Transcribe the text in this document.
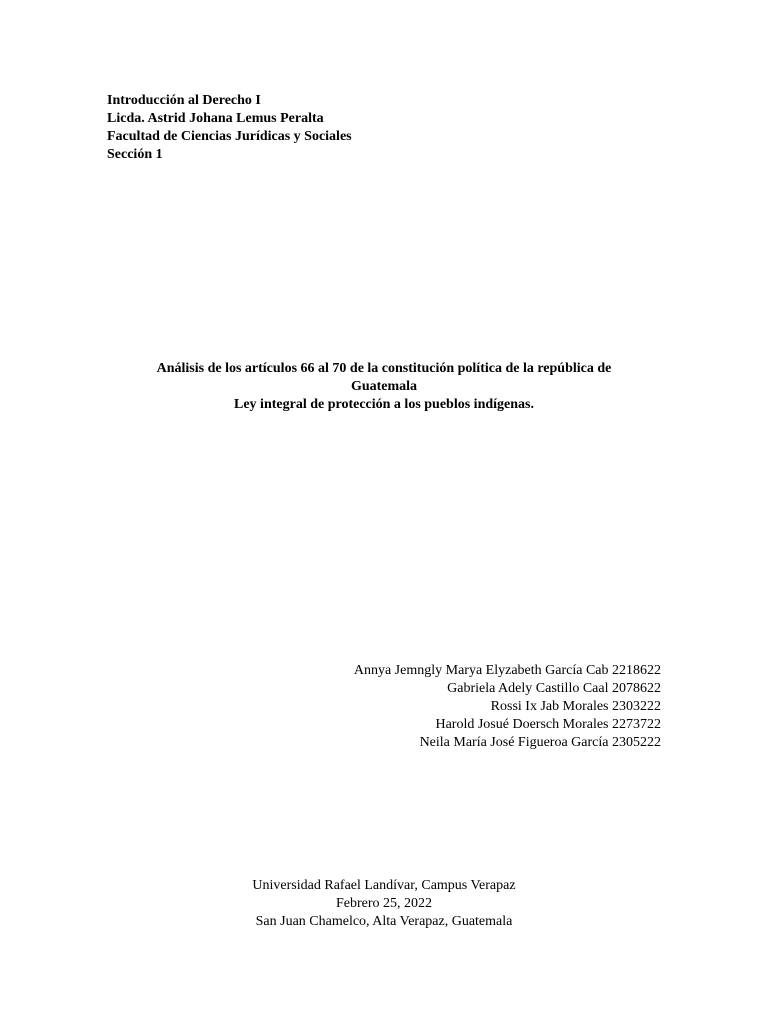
Introducción al Derecho I
Licda. Astrid Johana Lemus Peralta
Facultad de Ciencias Jurídicas y Sociales
Sección 1
Análisis de los artículos 66 al 70 de la constitución política de la república de
Guatemala
Ley integral de protección a los pueblos indígenas.
Annya Jemngly Marya Elyzabeth García Cab 2218622
Gabriela Adely Castillo Caal 2078622
Rossi Ix Jab Morales 2303222
Harold Josué Doersch Morales 2273722
Neila María José Figueroa García 2305222
Universidad Rafael Landívar, Campus Verapaz
Febrero 25, 2022
San Juan Chamelco, Alta Verapaz, Guatemala
